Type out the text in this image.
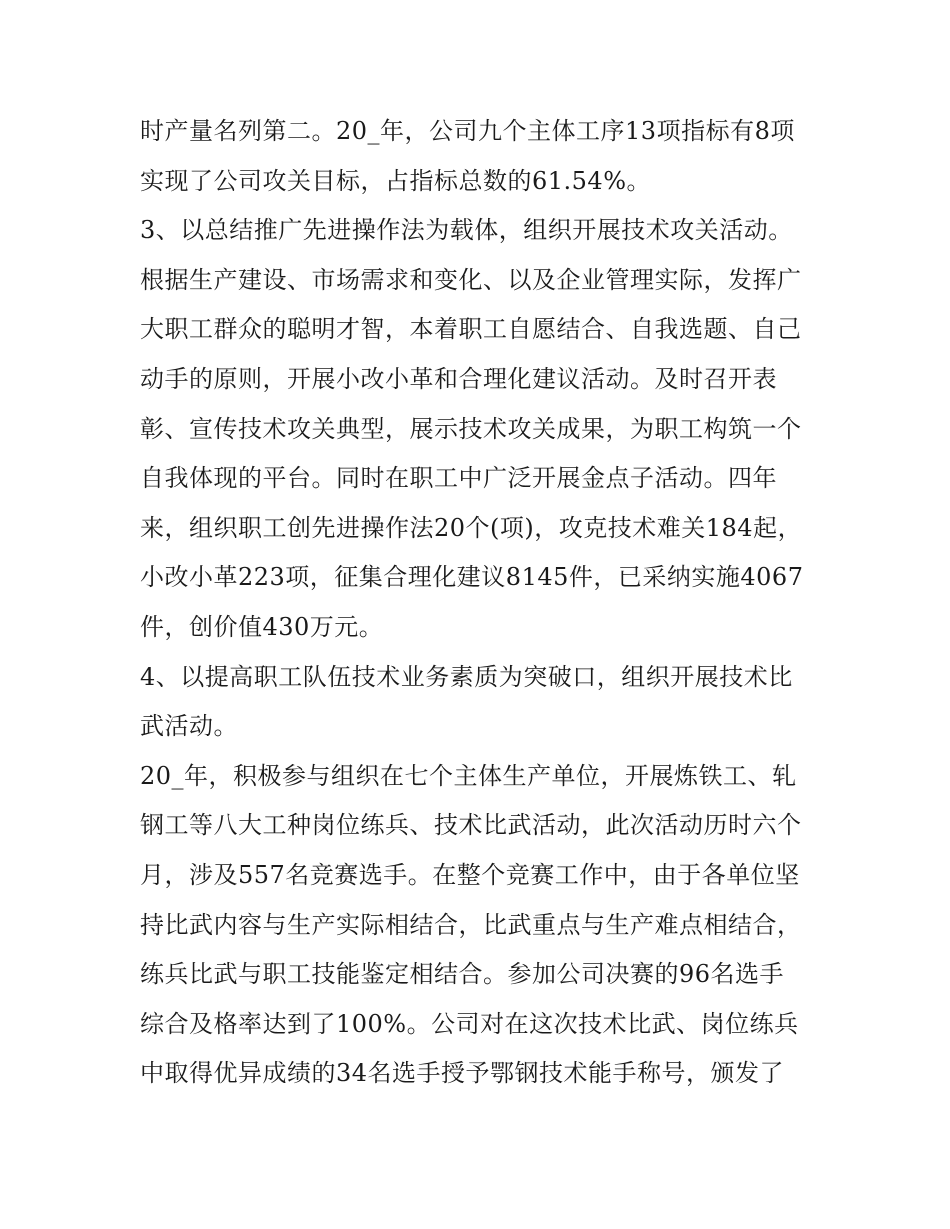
时产量名列第二。20_年，公司九个主体工序13项指标有8项
实现了公司攻关目标，占指标总数的61.54%。
3、以总结推广先进操作法为载体，组织开展技术攻关活动。
根据生产建设、市场需求和变化、以及企业管理实际，发挥广
大职工群众的聪明才智，本着职工自愿结合、自我选题、自己
动手的原则，开展小改小革和合理化建议活动。及时召开表
彰、宣传技术攻关典型，展示技术攻关成果，为职工构筑一个
自我体现的平台。同时在职工中广泛开展金点子活动。四年
来，组织职工创先进操作法20个(项)，攻克技术难关184起，
小改小革223项，征集合理化建议8145件，已采纳实施4067
件，创价值430万元。
4、以提高职工队伍技术业务素质为突破口，组织开展技术比
武活动。
20_年，积极参与组织在七个主体生产单位，开展炼铁工、轧
钢工等八大工种岗位练兵、技术比武活动，此次活动历时六个
月，涉及557名竞赛选手。在整个竞赛工作中，由于各单位坚
持比武内容与生产实际相结合，比武重点与生产难点相结合，
练兵比武与职工技能鉴定相结合。参加公司决赛的96名选手
综合及格率达到了100%。公司对在这次技术比武、岗位练兵
中取得优异成绩的34名选手授予鄂钢技术能手称号，颁发了
